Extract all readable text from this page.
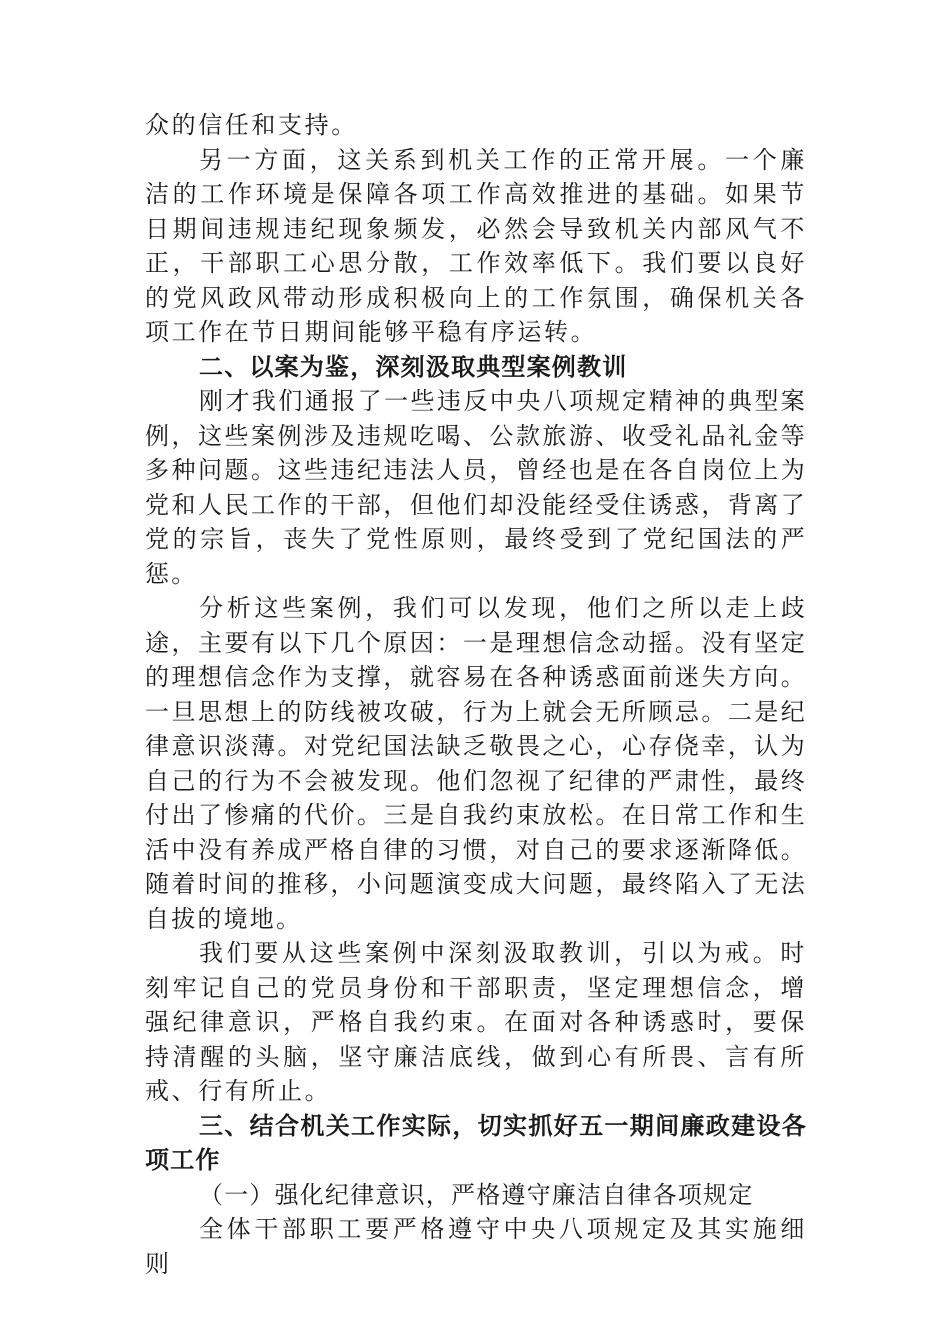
众的信任和支持。

另一方面，这关系到机关工作的正常开展。一个廉洁的工作环境是保障各项工作高效推进的基础。如果节日期间违规违纪现象频发，必然会导致机关内部风气不正，干部职工心思分散，工作效率低下。我们要以良好的党风政风带动形成积极向上的工作氛围，确保机关各项工作在节日期间能够平稳有序运转。

二、以案为鉴，深刻汲取典型案例教训

刚才我们通报了一些违反中央八项规定精神的典型案例，这些案例涉及违规吃喝、公款旅游、收受礼品礼金等多种问题。这些违纪违法人员，曾经也是在各自岗位上为党和人民工作的干部，但他们却没能经受住诱惑，背离了党的宗旨，丧失了党性原则，最终受到了党纪国法的严惩。

分析这些案例，我们可以发现，他们之所以走上歧途，主要有以下几个原因：一是理想信念动摇。没有坚定的理想信念作为支撑，就容易在各种诱惑面前迷失方向。一旦思想上的防线被攻破，行为上就会无所顾忌。二是纪律意识淡薄。对党纪国法缺乏敬畏之心，心存侥幸，认为自己的行为不会被发现。他们忽视了纪律的严肃性，最终付出了惨痛的代价。三是自我约束放松。在日常工作和生活中没有养成严格自律的习惯，对自己的要求逐渐降低。随着时间的推移，小问题演变成大问题，最终陷入了无法自拔的境地。

我们要从这些案例中深刻汲取教训，引以为戒。时刻牢记自己的党员身份和干部职责，坚定理想信念，增强纪律意识，严格自我约束。在面对各种诱惑时，要保持清醒的头脑，坚守廉洁底线，做到心有所畏、言有所戒、行有所止。

三、结合机关工作实际，切实抓好五一期间廉政建设各项工作

（一）强化纪律意识，严格遵守廉洁自律各项规定

全体干部职工要严格遵守中央八项规定及其实施细则
